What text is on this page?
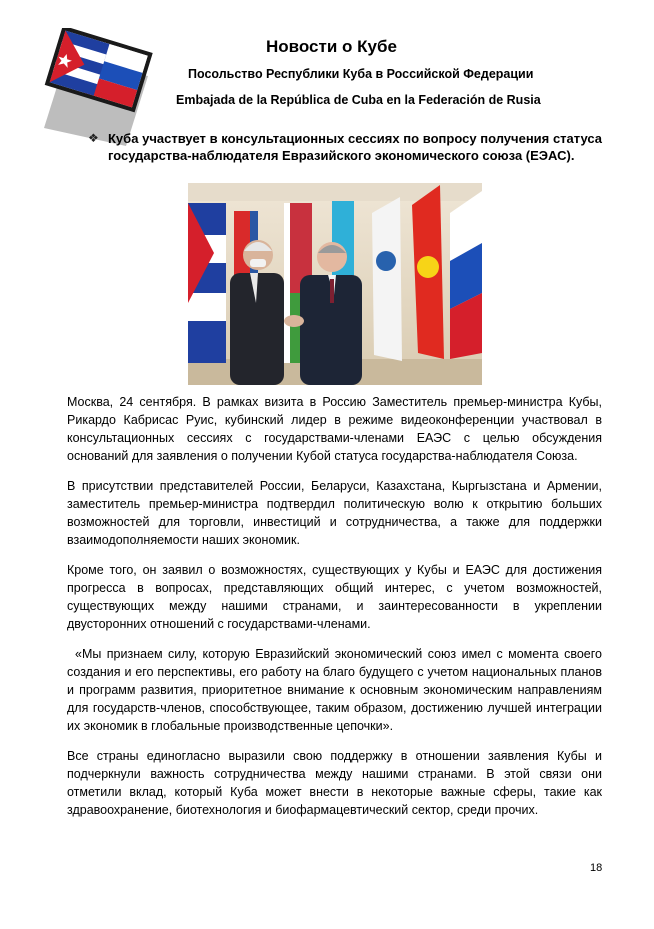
Новости о Кубе
Посольство Республики Куба в Российской Федерации
Embajada de la República de Cuba en la Federación de Rusia
❖ Куба участвует в консультационных сессиях по вопросу получения статуса государства-наблюдателя Евразийского экономического союза (ЕЭАС).

Москва, 24 сентября. В рамках визита в Россию Заместитель премьер-министра Кубы, Рикардо Кабрисас Руис, кубинский лидер в режиме видеоконференции участвовал в консультационных сессиях с государствами-членами ЕАЭС с целью обсуждения оснований для заявления о получении Кубой статуса государства-наблюдателя Союза.

В присутствии представителей России, Беларуси, Казахстана, Кыргызстана и Армении, заместитель премьер-министра подтвердил политическую волю к открытию больших возможностей для торговли, инвестиций и сотрудничества, а также для поддержки взаимодополняемости наших экономик.

Кроме того, он заявил о возможностях, существующих у Кубы и ЕАЭС для достижения прогресса в вопросах, представляющих общий интерес, с учетом возможностей, существующих между нашими странами, и заинтересованности в укреплении двусторонних отношений с государствами-членами.

«Мы признаем силу, которую Евразийский экономический союз имел с момента своего создания и его перспективы, его работу на благо будущего с учетом национальных планов и программ развития, приоритетное внимание к основным экономическим направлениям для государств-членов, способствующее, таким образом, достижению лучшей интеграции их экономик в глобальные производственные цепочки».

Все страны единогласно выразили свою поддержку в отношении заявления Кубы и подчеркнули важность сотрудничества между нашими странами. В этой связи они отметили вклад, который Куба может внести в некоторые важные сферы, такие как здравоохранение, биотехнология и биофармацевтический сектор, среди прочих.

18
